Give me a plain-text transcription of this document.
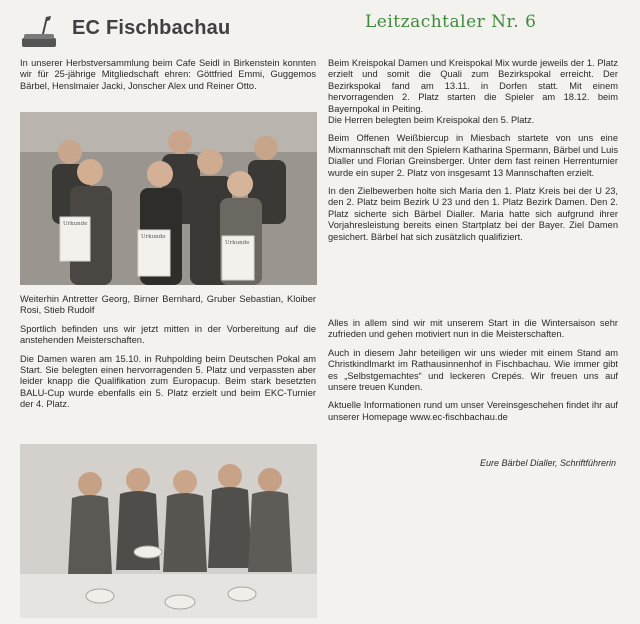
EC Fischbachau	Leitzachtaler Nr. 6

In unserer Herbstversammlung beim Cafe Seidl in Birkenstein konnten wir für 25-jährige Mitgliedschaft ehren: Göttfried Emmi, Guggemos Bärbel, Henslmaier Jacki, Jonscher Alex und Reiner Otto.

Urkunde
Urkunde
Urkunde

Weiterhin Antretter Georg, Birner Bernhard, Gruber Sebastian, Kloiber Rosi, Stieb Rudolf

Sportlich befinden uns wir jetzt mitten in der Vorbereitung auf die anstehenden Meisterschaften.

Die Damen waren am 15.10. in Ruhpolding beim Deutschen Pokal am Start. Sie belegten einen hervorragenden 5. Platz und verpassten aber leider knapp die Qualifikation zum Europacup. Beim stark besetzten BALU-Cup wurde ebenfalls ein 5. Platz erzielt und beim EKC-Turnier der 4. Platz.

Beim Kreispokal Damen und Kreispokal Mix wurde jeweils der 1. Platz erzielt und somit die Quali zum Bezirkspokal erreicht. Der Bezirkspokal fand am 13.11. in Dorfen statt. Mit einem hervorragenden 2. Platz starten die Spieler am 18.12. beim Bayernpokal in Peiting.

Die Herren belegten beim Kreispokal den 5. Platz.

Beim Offenen Weißbiercup in Miesbach startete von uns eine Mixmannschaft mit den Spielern Katharina Spermann, Bärbel und Luis Dialler und Florian Greinsberger. Unter dem fast reinen Herrenturnier wurde ein super 2. Platz von insgesamt 13 Mannschaften erzielt.

In den Zielbewerben holte sich Maria den 1. Platz Kreis bei der U 23, den 2. Platz beim Bezirk U 23 und den 1. Platz Bezirk Damen. Den 2. Platz sicherte sich Bärbel Dialler. Maria hatte sich aufgrund ihrer Vorjahresleistung bereits einen Startplatz bei der Bayer. Ziel Damen gesichert. Bärbel hat sich zusätzlich qualifiziert.

Alles in allem sind wir mit unserem Start in die Wintersaison sehr zufrieden und gehen motiviert nun in die Meisterschaften.

Auch in diesem Jahr beteiligen wir uns wieder mit einem Stand am Christkindlmarkt im Rathausinnenhof in Fischbachau. Wie immer gibt es „Selbstgemachtes“ und leckeren Crepés. Wir freuen uns auf unsere treuen Kunden.

Aktuelle Informationen rund um unser Vereinsgeschehen findet ihr auf unserer Homepage www.ec-fischbachau.de

Eure Bärbel Dialler, Schriftführerin
